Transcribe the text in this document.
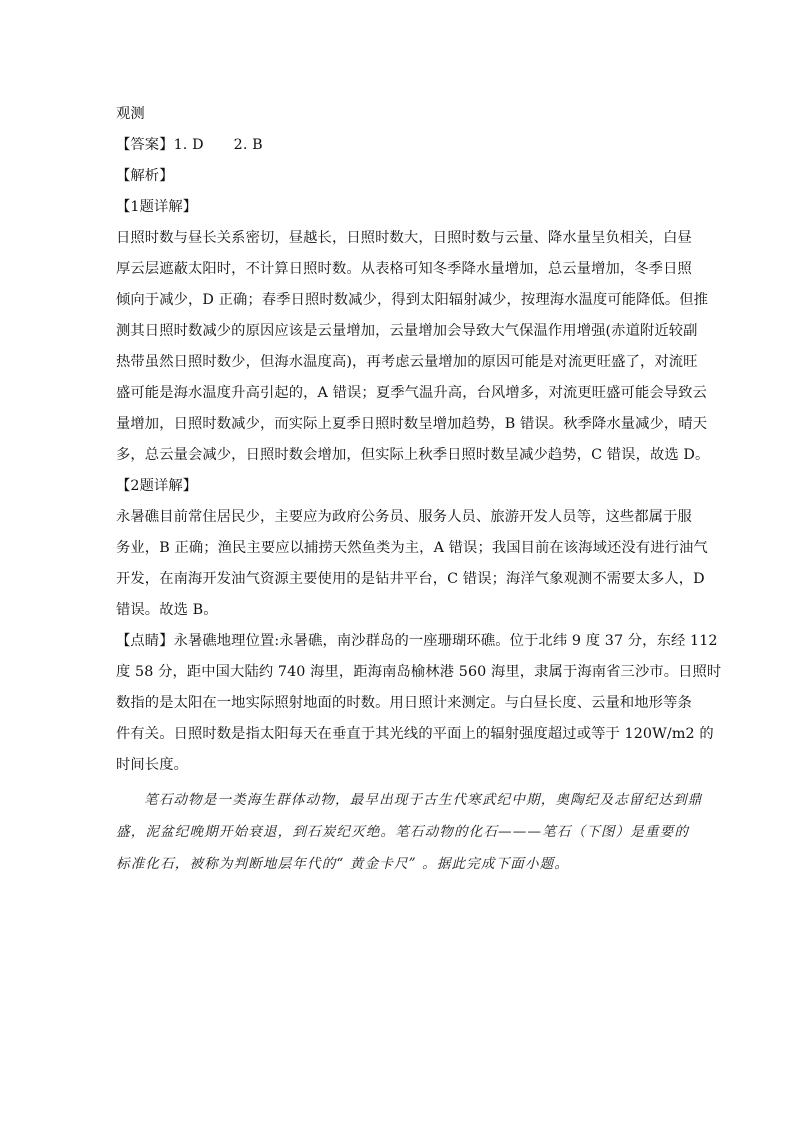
观测
【答案】1. D 2. B
【解析】
【1题详解】
日照时数与昼长关系密切，昼越长，日照时数大，日照时数与云量、降水量呈负相关，白昼
厚云层遮蔽太阳时，不计算日照时数。从表格可知冬季降水量增加，总云量增加，冬季日照
倾向于减少，D 正确；春季日照时数减少，得到太阳辐射减少，按理海水温度可能降低。但推
测其日照时数减少的原因应该是云量增加，云量增加会导致大气保温作用增强(赤道附近较副
热带虽然日照时数少，但海水温度高)，再考虑云量增加的原因可能是对流更旺盛了，对流旺
盛可能是海水温度升高引起的，A 错误；夏季气温升高，台风增多，对流更旺盛可能会导致云
量增加，日照时数减少，而实际上夏季日照时数呈增加趋势，B 错误。秋季降水量减少，晴天
多，总云量会减少，日照时数会增加，但实际上秋季日照时数呈减少趋势，C 错误，故选 D。
【2题详解】
永暑礁目前常住居民少，主要应为政府公务员、服务人员、旅游开发人员等，这些都属于服
务业，B 正确；渔民主要应以捕捞天然鱼类为主，A 错误；我国目前在该海域还没有进行油气
开发，在南海开发油气资源主要使用的是钻井平台，C 错误；海洋气象观测不需要太多人，D
错误。故选 B。
【点睛】永暑礁地理位置:永暑礁，南沙群岛的一座珊瑚环礁。位于北纬 9 度 37 分，东经 112
度 58 分，距中国大陆约 740 海里，距海南岛榆林港 560 海里，隶属于海南省三沙市。日照时
数指的是太阳在一地实际照射地面的时数。用日照计来测定。与白昼长度、云量和地形等条
件有关。日照时数是指太阳每天在垂直于其光线的平面上的辐射强度超过或等于 120W/m2 的
时间长度。
笔石动物是一类海生群体动物，最早出现于古生代寒武纪中期，奥陶纪及志留纪达到鼎
盛，泥盆纪晚期开始衰退，到石炭纪灭绝。笔石动物的化石———笔石（下图）是重要的
标准化石，被称为判断地层年代的“ 黄金卡尺” 。据此完成下面小题。
